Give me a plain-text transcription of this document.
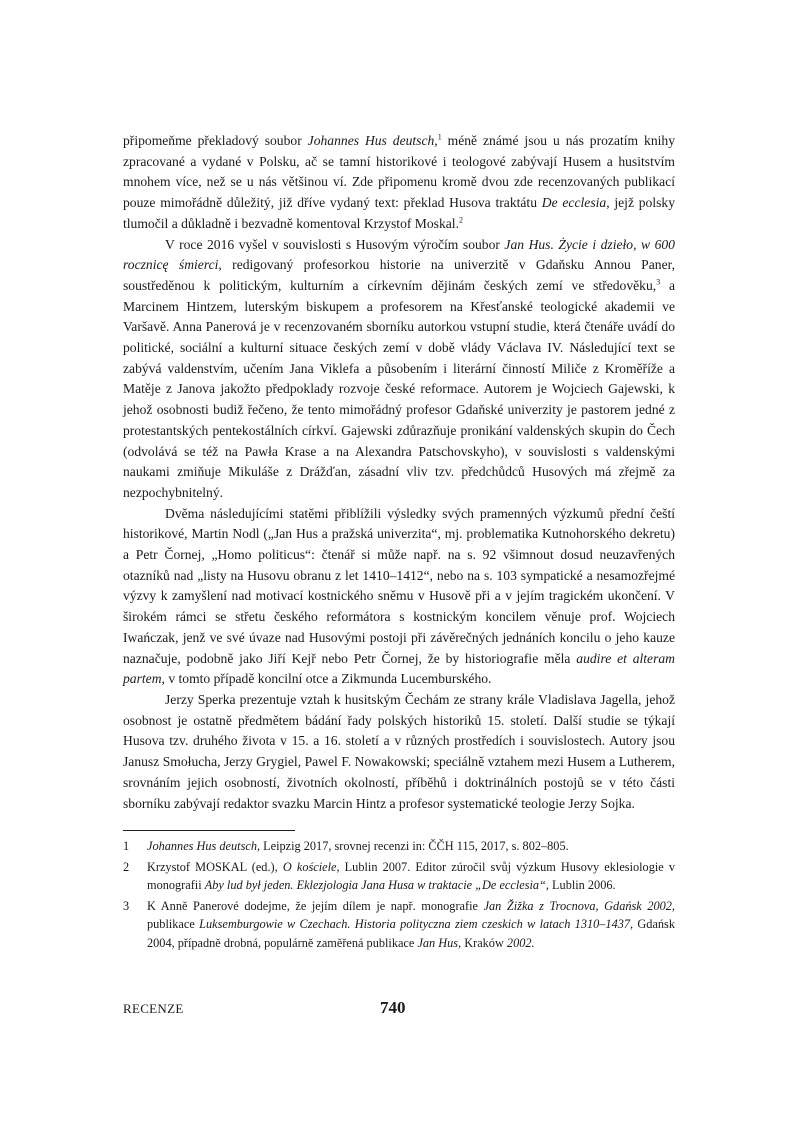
připomeňme překladový soubor Johannes Hus deutsch,$^1$ méně známé jsou u nás prozatím knihy zpracované a vydané v Polsku, ač se tamní historikové i teologové zabývají Husem a husitstvím mnohem více, než se u nás většinou ví. Zde připomenu kromě dvou zde recenzovaných publikací pouze mimořádně důležitý, již dříve vydaný text: překlad Husova traktátu De ecclesia, jejž polsky tlumočil a důkladně i bezvadně komentoval Krzystof Moskal.$^2$

V roce 2016 vyšel v souvislosti s Husovým výročím soubor Jan Hus. Życie i dzieło, w 600 rocznicę śmierci, redigovaný profesorkou historie na univerzitě v Gdaňsku Annou Paner, soustředěnou k politickým, kulturním a církevním dějinám českých zemí ve středověku,$^3$ a Marcinem Hintzem, luterským biskupem a profesorem na Křesťanské teologické akademii ve Varšavě. Anna Panerová je v recenzovaném sborníku autorkou vstupní studie, která čtenáře uvádí do politické, sociální a kulturní situace českých zemí v době vlády Václava IV. Následující text se zabývá valdenstvím, učením Jana Viklefa a působením i literární činností Miliče z Kroměříže a Matěje z Janova jakožto předpoklady rozvoje české reformace. Autorem je Wojciech Gajewski, k jehož osobnosti budiž řečeno, že tento mimořádný profesor Gdaňské univerzity je pastorem jedné z protestantských pentekostálních církví. Gajewski zdůrazňuje pronikání valdenských skupin do Čech (odvolává se též na Pawła Krase a na Alexandra Patschovskyho), v souvislosti s valdenskými naukami zmiňuje Mikuláše z Drážďan, zásadní vliv tzv. předchůdců Husových má zřejmě za nezpochybnitelný.

Dvěma následujícími statěmi přiblížili výsledky svých pramenných výzkumů přední čeští historikové, Martin Nodl („Jan Hus a pražská univerzita“, mj. problematika Kutnohorského dekretu) a Petr Čornej, „Homo politicus“: čtenář si může např. na s. 92 všimnout dosud neuzavřených otazníků nad „listy na Husovu obranu z let 1410–1412“, nebo na s. 103 sympatické a nesamozřejmé výzvy k zamyšlení nad motivací kostnického sněmu v Husově při a v jejím tragickém ukončení. V širokém rámci se střetu českého reformátora s kostnickým koncilem věnuje prof. Wojciech Iwańczak, jenž ve své úvaze nad Husovými postoji při závěrečných jednáních koncilu o jeho kauze naznačuje, podobně jako Jiří Kejř nebo Petr Čornej, že by historiografie měla audire et alteram partem, v tomto případě koncilní otce a Zikmunda Lucemburského.

Jerzy Sperka prezentuje vztah k husitským Čechám ze strany krále Vladislava Jagella, jehož osobnost je ostatně předmětem bádání řady polských historiků 15. století. Další studie se týkají Husova tzv. druhého života v 15. a 16. století a v různých prostředích i souvislostech. Autory jsou Janusz Smołucha, Jerzy Grygiel, Pawel F. Nowakowski; speciálně vztahem mezi Husem a Lutherem, srovnáním jejich osobností, životních okolností, příběhů i doktrinálních postojů se v této části sborníku zabývají redaktor svazku Marcin Hintz a profesor systematické teologie Jerzy Sojka.

1	Johannes Hus deutsch, Leipzig 2017, srovnej recenzi in: ČČH 115, 2017, s. 802–805.
2	Krzystof MOSKAL (ed.), O kościele, Lublin 2007. Editor zúročil svůj výzkum Husovy eklesiologie v monografii Aby lud był jeden. Eklezjologia Jana Husa w traktacie „De ecclesia“, Lublin 2006.
3	K Anně Panerové dodejme, že jejím dílem je např. monografie Jan Žižka z Trocnova, Gdańsk 2002, publikace Luksemburgowie w Czechach. Historia polityczna ziem czeskich w latach 1310–1437, Gdańsk 2004, případně drobná, populárně zaměřená publikace Jan Hus, Kraków 2002.
RECENZE	740
